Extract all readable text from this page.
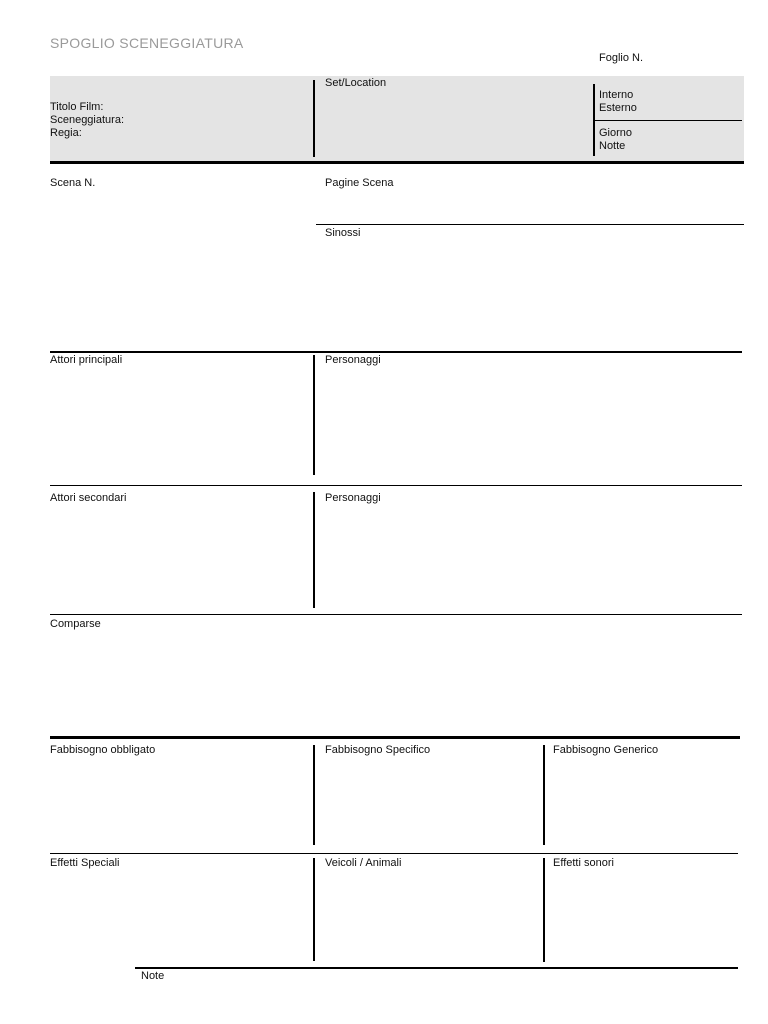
SPOGLIO SCENEGGIATURA
Foglio N.
Titolo Film:
Sceneggiatura:
Regia:
Set/Location
Interno
Esterno
Giorno
Notte
Scena N.	Pagine Scena
Sinossi
Attori principali	Personaggi
Attori secondari	Personaggi
Comparse
Fabbisogno obbligato	Fabbisogno Specifico	Fabbisogno Generico
Effetti Speciali	Veicoli / Animali	Effetti sonori
Note
